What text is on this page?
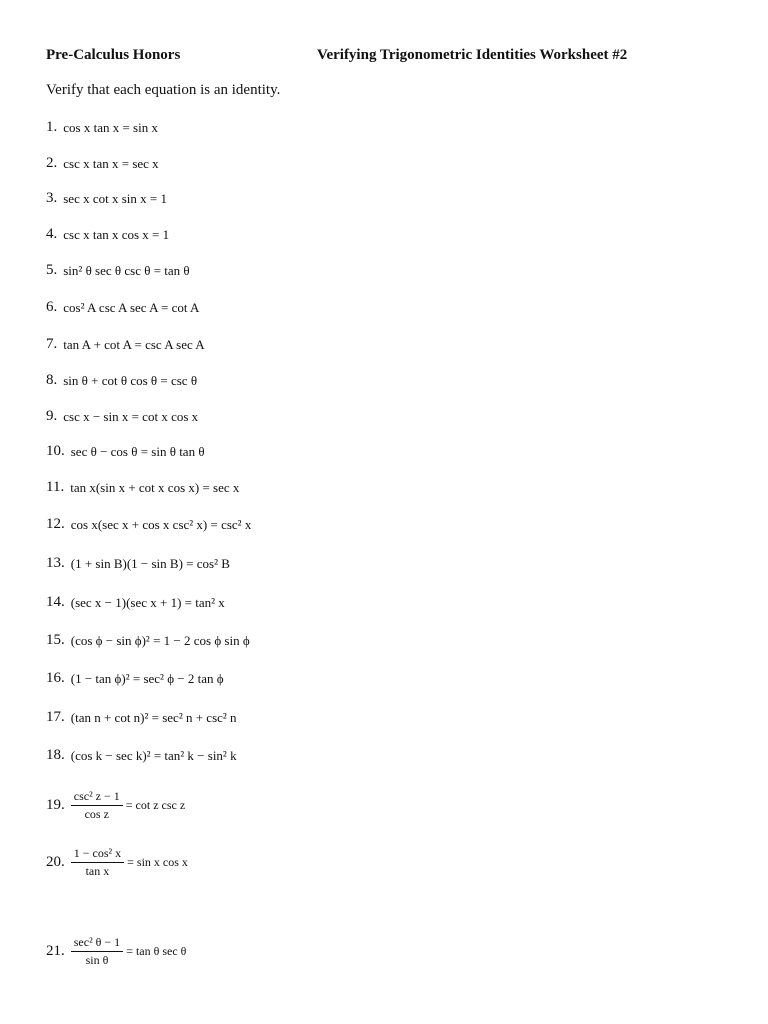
Pre-Calculus Honors	Verifying Trigonometric Identities Worksheet #2
Verify that each equation is an identity.
1. cos x tan x = sin x
2. csc x tan x = sec x
3. sec x cot x sin x = 1
4. csc x tan x cos x = 1
5. sin² θ sec θ csc θ = tan θ
6. cos² A csc A sec A = cot A
7. tan A + cot A = csc A sec A
8. sin θ + cot θ cos θ = csc θ
9. csc x − sin x = cot x cos x
10. sec θ − cos θ = sin θ tan θ
11. tan x(sin x + cot x cos x) = sec x
12. cos x(sec x + cos x csc² x) = csc² x
13. (1 + sin B)(1 − sin B) = cos² B
14. (sec x − 1)(sec x + 1) = tan² x
15. (cos ϕ − sin ϕ)² = 1 − 2 cos ϕ sin ϕ
16. (1 − tan ϕ)² = sec² ϕ − 2 tan ϕ
17. (tan n + cot n)² = sec² n + csc² n
18. (cos k − sec k)² = tan² k − sin² k
19. $\frac{\text{csc² z − 1}}{\text{cos z}} = \cot z$ csc z
20. $\frac{\text{1 − cos² x}}{\text{tan x}} = \sin x$ cos x
21. $\frac{\text{sec² θ − 1}}{\text{sin θ}} = \tan \theta$ sec θ
